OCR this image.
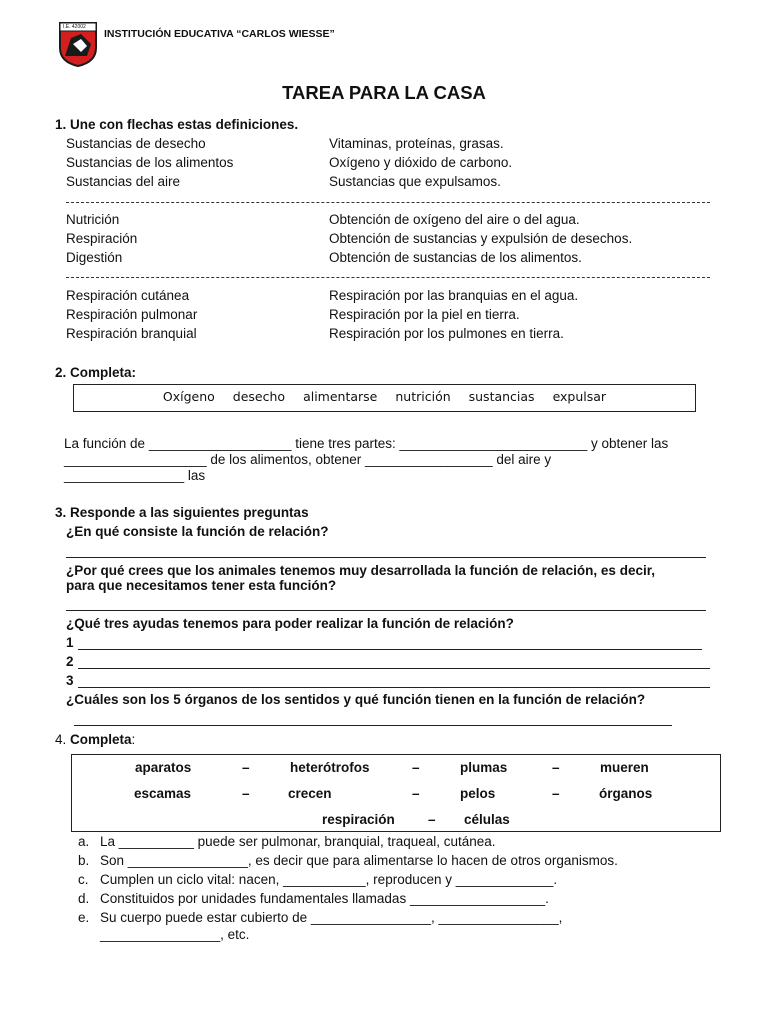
I.E. 42002
INSTITUCIÓN EDUCATIVA “CARLOS WIESSE”
TAREA PARA LA CASA
1. Une con flechas estas definiciones.
Sustancias de desecho	Vitaminas, proteínas, grasas.
Sustancias de los alimentos	Oxígeno y dióxido de carbono.
Sustancias del aire	Sustancias que expulsamos.
Nutrición	Obtención de oxígeno del aire o del agua.
Respiración	Obtención de sustancias y expulsión de desechos.
Digestión	Obtención de sustancias de los alimentos.
Respiración cutánea	Respiración por las branquias en el agua.
Respiración pulmonar	Respiración por la piel en tierra.
Respiración branquial	Respiración por los pulmones en tierra.
2. Completa:
Oxígeno desecho alimentarse nutrición sustancias expulsar
La función de ___________________ tiene tres partes: _________________________ y obtener las
___________________ de los alimentos, obtener _________________ del aire y
________________ las
3. Responde a las siguientes preguntas
¿En qué consiste la función de relación?
¿Por qué crees que los animales tenemos muy desarrollada la función de relación, es decir,
para que necesitamos tener esta función?
¿Qué tres ayudas tenemos para poder realizar la función de relación?
1
2
3
¿Cuáles son los 5 órganos de los sentidos y qué función tienen en la función de relación?
4. Completa:
aparatos	–	heterótrofos	–	plumas	–	mueren
escamas	–	crecen	–	pelos	–	órganos
respiración – células
a. La __________ puede ser pulmonar, branquial, traqueal, cutánea.
b. Son ________________, es decir que para alimentarse lo hacen de otros organismos.
c. Cumplen un ciclo vital: nacen, ___________, reproducen y _____________.
d. Constituidos por unidades fundamentales llamadas __________________.
e. Su cuerpo puede estar cubierto de ________________, ________________,
________________, etc.
